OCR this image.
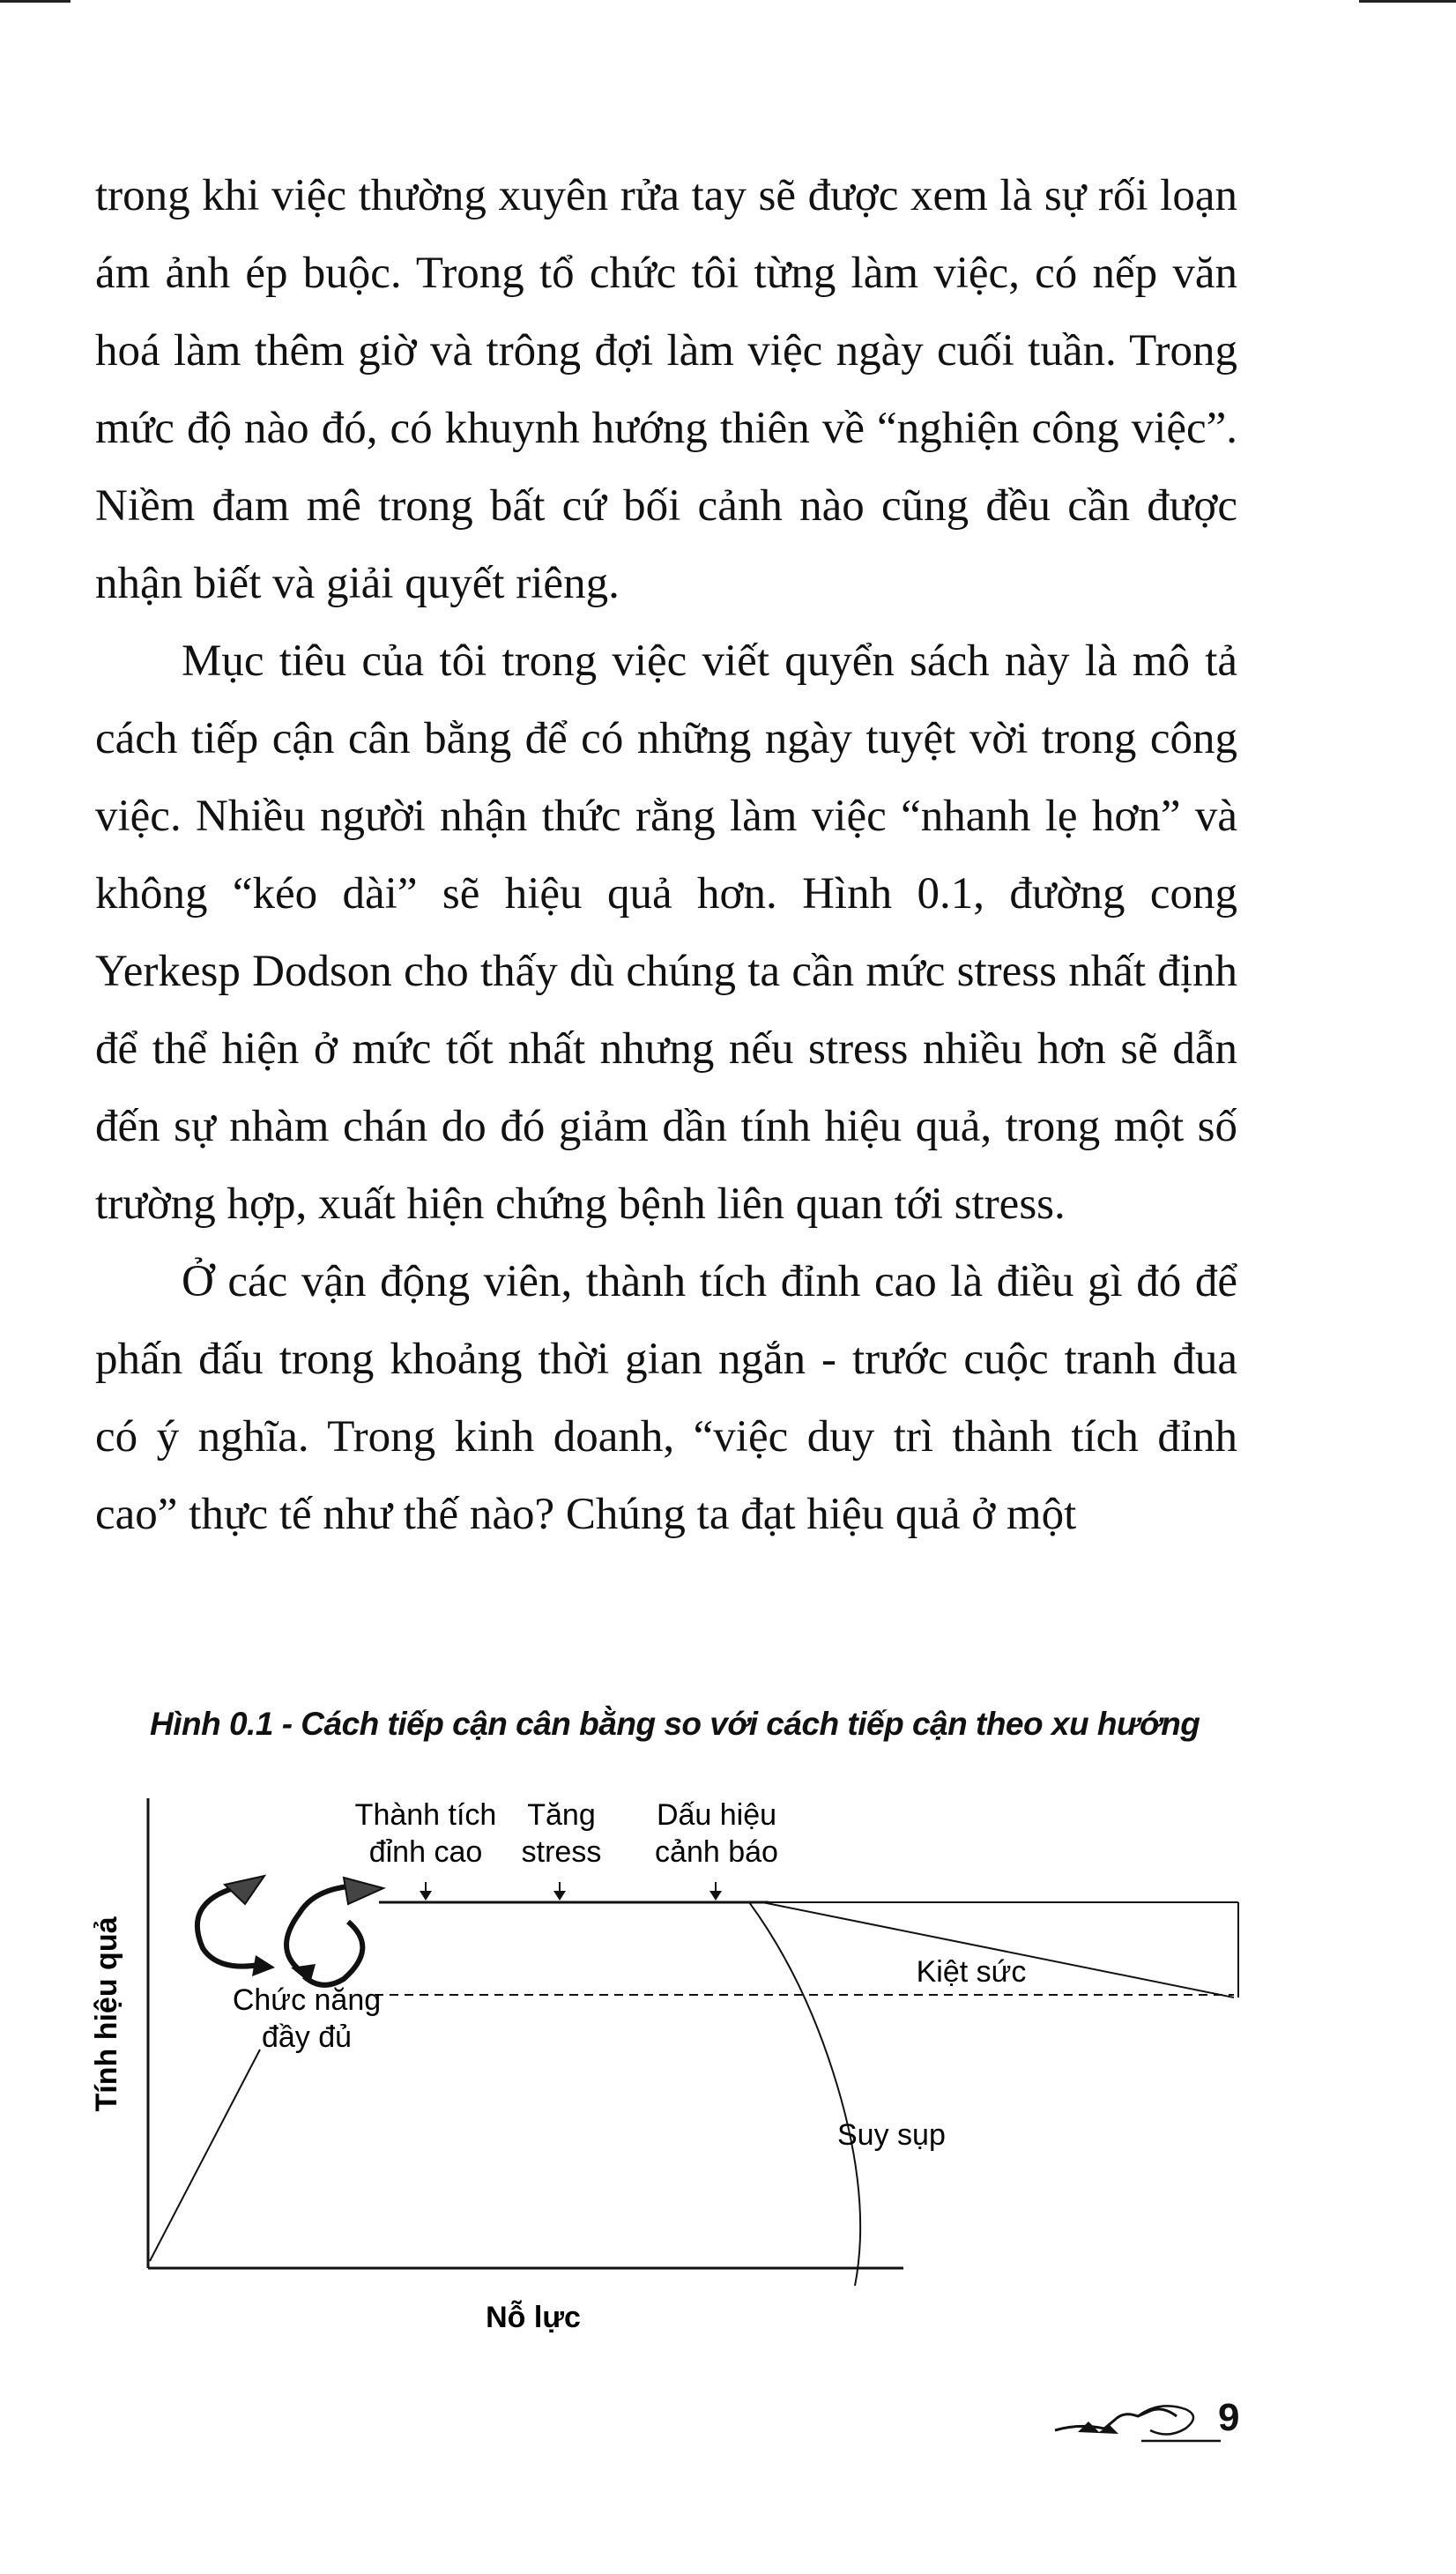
trong khi việc thường xuyên rửa tay sẽ được xem là sự rối loạn ám ảnh ép buộc. Trong tổ chức tôi từng làm việc, có nếp văn hoá làm thêm giờ và trông đợi làm việc ngày cuối tuần. Trong mức độ nào đó, có khuynh hướng thiên về “nghiện công việc”. Niềm đam mê trong bất cứ bối cảnh nào cũng đều cần được nhận biết và giải quyết riêng.

Mục tiêu của tôi trong việc viết quyển sách này là mô tả cách tiếp cận cân bằng để có những ngày tuyệt vời trong công việc. Nhiều người nhận thức rằng làm việc “nhanh lẹ hơn” và không “kéo dài” sẽ hiệu quả hơn. Hình 0.1, đường cong Yerkesp Dodson cho thấy dù chúng ta cần mức stress nhất định để thể hiện ở mức tốt nhất nhưng nếu stress nhiều hơn sẽ dẫn đến sự nhàm chán do đó giảm dần tính hiệu quả, trong một số trường hợp, xuất hiện chứng bệnh liên quan tới stress.

Ở các vận động viên, thành tích đỉnh cao là điều gì đó để phấn đấu trong khoảng thời gian ngắn - trước cuộc tranh đua có ý nghĩa. Trong kinh doanh, “việc duy trì thành tích đỉnh cao” thực tế như thế nào? Chúng ta đạt hiệu quả ở một

Hình 0.1 - Cách tiếp cận cân bằng so với cách tiếp cận theo xu hướng
Thành tích
đỉnh cao
Tăng
stress
Dấu hiệu
cảnh báo
Chức năng
đầy đủ
Kiệt sức
Suy sụp
Tính hiệu quả
Nỗ lực
9
